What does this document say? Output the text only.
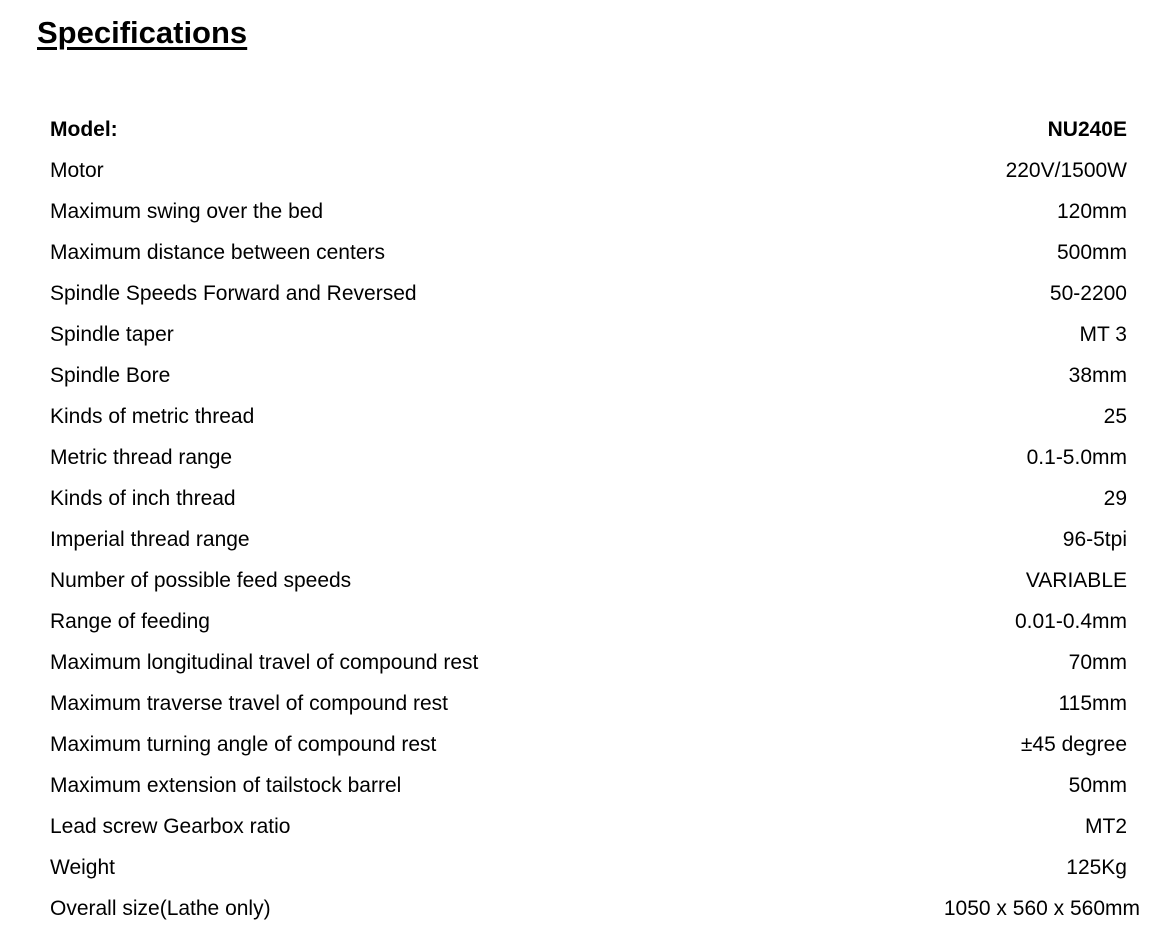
Specifications
Model:	NU240E
Motor	220V/1500W
Maximum swing over the bed	120mm
Maximum distance between centers	500mm
Spindle Speeds Forward and Reversed	50-2200
Spindle taper	MT 3
Spindle Bore	38mm
Kinds of metric thread	25
Metric thread range	0.1-5.0mm
Kinds of inch thread	29
Imperial thread range	96-5tpi
Number of possible feed speeds	VARIABLE
Range of feeding	0.01-0.4mm
Maximum longitudinal travel of compound rest	70mm
Maximum traverse travel of compound rest	115mm
Maximum turning angle of compound rest	±45 degree
Maximum extension of tailstock barrel	50mm
Lead screw Gearbox ratio	MT2
Weight	125Kg
Overall size(Lathe only)	1050 x 560 x 560mm
